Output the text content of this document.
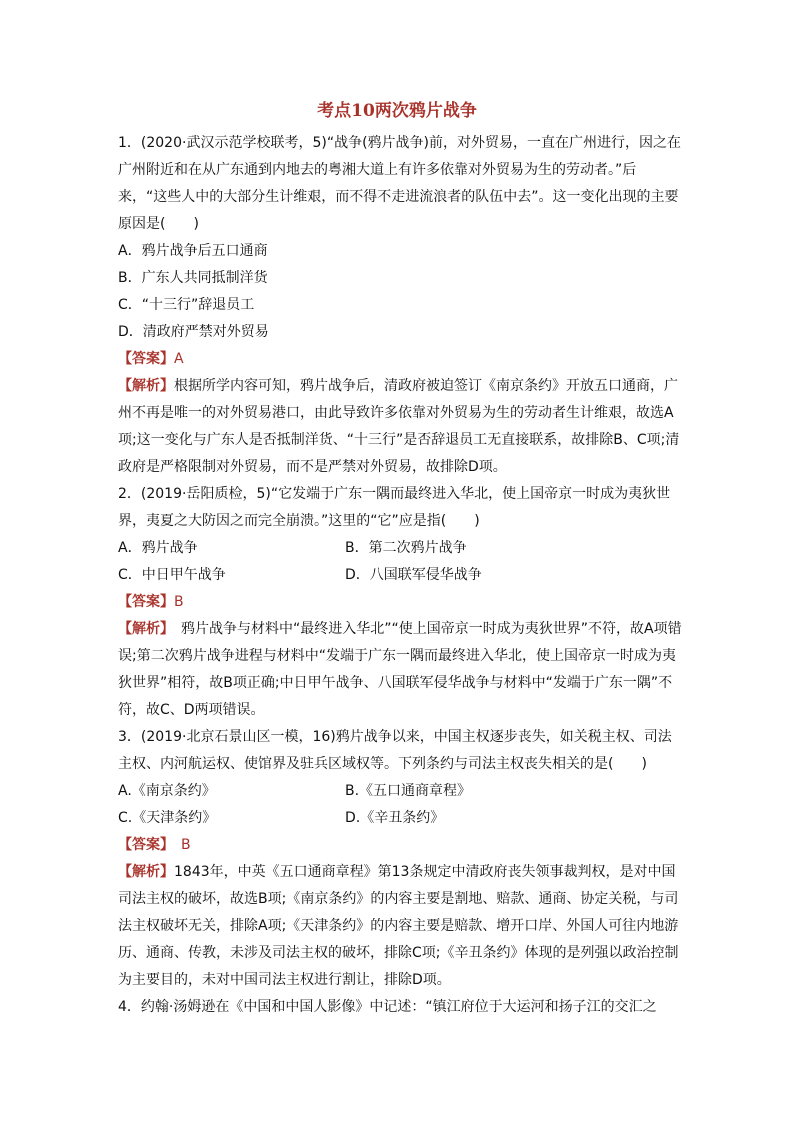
考点10两次鸦片战争

1．(2020·武汉示范学校联考，5)“战争(鸦片战争)前，对外贸易，一直在广州进行，因之在广州附近和在从广东通到内地去的粤湘大道上有许多依靠对外贸易为生的劳动者。”后来，“这些人中的大部分生计维艰，而不得不走进流浪者的队伍中去”。这一变化出现的主要原因是(　　)

A．鸦片战争后五口通商

B．广东人共同抵制洋货

C．“十三行”辞退员工

D．清政府严禁对外贸易

【答案】A

【解析】根据所学内容可知，鸦片战争后，清政府被迫签订《南京条约》开放五口通商，广州不再是唯一的对外贸易港口，由此导致许多依靠对外贸易为生的劳动者生计维艰，故选A项;这一变化与广东人是否抵制洋货、“十三行”是否辞退员工无直接联系，故排除B、C项;清政府是严格限制对外贸易，而不是严禁对外贸易，故排除D项。

2．(2019·岳阳质检，5)“它发端于广东一隅而最终进入华北，使上国帝京一时成为夷狄世界，夷夏之大防因之而完全崩溃。”这里的“它”应是指(　　)

A．鸦片战争	B．第二次鸦片战争
C．中日甲午战争	D．八国联军侵华战争

【答案】B

【解析】　鸦片战争与材料中“最终进入华北”“使上国帝京一时成为夷狄世界”不符，故A项错误;第二次鸦片战争进程与材料中“发端于广东一隅而最终进入华北，使上国帝京一时成为夷狄世界”相符，故B项正确;中日甲午战争、八国联军侵华战争与材料中“发端于广东一隅”不符，故C、D两项错误。

3．(2019·北京石景山区一模，16)鸦片战争以来，中国主权逐步丧失，如关税主权、司法主权、内河航运权、使馆界及驻兵区域权等。下列条约与司法主权丧失相关的是(　　)

A.《南京条约》	B.《五口通商章程》
C.《天津条约》	D.《辛丑条约》

【答案】　B

【解析】1843年，中英《五口通商章程》第13条规定中清政府丧失领事裁判权，是对中国司法主权的破坏，故选B项;《南京条约》的内容主要是割地、赔款、通商、协定关税，与司法主权破坏无关，排除A项;《天津条约》的内容主要是赔款、增开口岸、外国人可往内地游历、通商、传教，未涉及司法主权的破坏，排除C项;《辛丑条约》体现的是列强以政治控制为主要目的，未对中国司法主权进行割让，排除D项。

4．约翰·汤姆逊在《中国和中国人影像》中记述：“镇江府位于大运河和扬子江的交汇之
